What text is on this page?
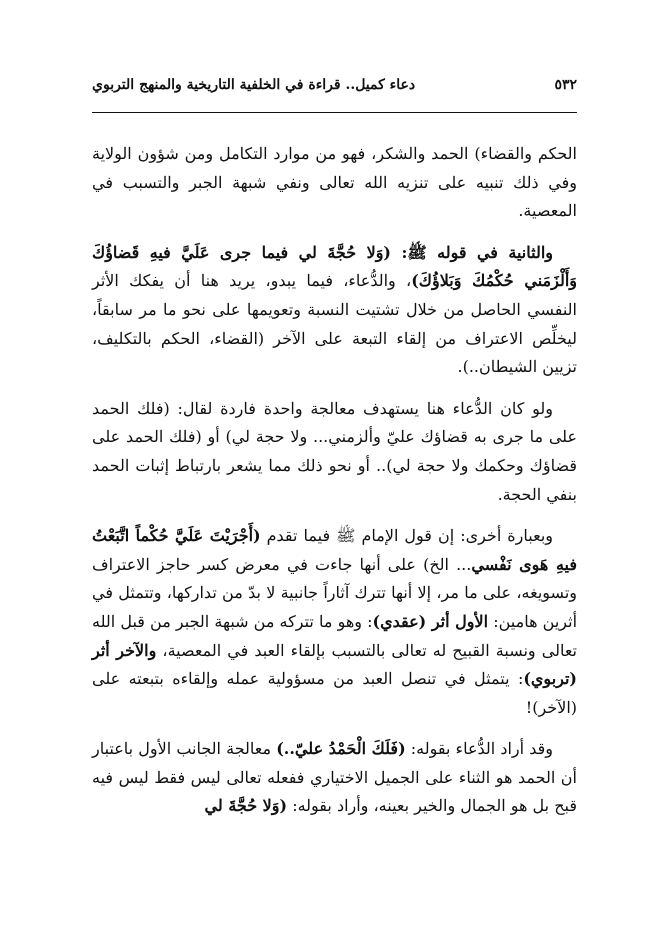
٥٣٢
دعاء كميل.. قراءة في الخلفية التاريخية والمنهج التربوي

الحكم والقضاء) الحمد والشكر، فهو من موارد التكامل ومن شؤون الولاية وفي ذلك تنبيه على تنزيه الله تعالى ونفي شبهة الجبر والتسبب في المعصية.

والثانية في قوله ﷺ: (وَلا حُجَّةَ لي فيما جرى عَلَيَّ فيهِ قَضاؤُكَ وَأَلْزَمَني حُكْمُكَ وَبَلاؤُكَ)، والدُّعاء، فيما يبدو، يريد هنا أن يفكك الأثر النفسي الحاصل من خلال تشتيت النسبة وتعويمها على نحو ما مر سابقاً، ليخلِّص الاعتراف من إلقاء التبعة على الآخر (القضاء، الحكم بالتكليف، تزيين الشيطان..).

ولو كان الدُّعاء هنا يستهدف معالجة واحدة فاردة لقال: (فلك الحمد على ما جرى به قضاؤك عليّ وألزمني... ولا حجة لي) أو (فلك الحمد على قضاؤك وحكمك ولا حجة لي).. أو نحو ذلك مما يشعر بارتباط إثبات الحمد بنفي الحجة.

وبعبارة أخرى: إن قول الإمام ﷺ فيما تقدم (أَجْرَيْتَ عَلَيَّ حُكْماً اتَّبَعْتُ فيهِ هَوى نَفْسي... الخ) على أنها جاءت في معرض كسر حاجز الاعتراف وتسويغه، على ما مر، إلا أنها تترك آثاراً جانبية لا بدّ من تداركها، وتتمثل في أثرين هامين: الأول أثر (عقدي): وهو ما تتركه من شبهة الجبر من قبل الله تعالى ونسبة القبيح له تعالى بالتسبب بإلقاء العبد في المعصية، والآخر أثر (تربوي): يتمثل في تنصل العبد من مسؤولية عمله وإلقاءه بتبعته على (الآخر)!

وقد أراد الدُّعاء بقوله: (فَلَكَ الْحَمْدُ عليّ..) معالجة الجانب الأول باعتبار أن الحمد هو الثناء على الجميل الاختياري ففعله تعالى ليس فقط ليس فيه قبح بل هو الجمال والخير بعينه، وأراد بقوله: (وَلا حُجَّةَ لي
